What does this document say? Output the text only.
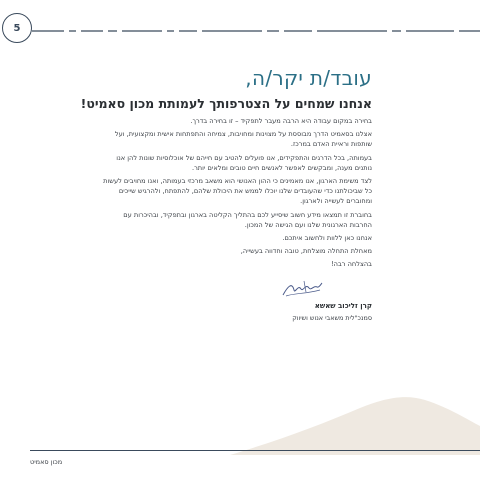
5
עובד/ת יקר/ה,
אנחנו שמחים על הצטרפותך לעמותת מכון סאמיט!

בחירה במקום עבודה היא הרבה מעבר לתפקיד – זו בחירה בדרך.

אצלנו בסאמיט הדרך מבוססת על מצוינות ומחויבות, צמיחה והתפתחות אישית ומקצועית, ועל שותפות וראיית האדם במרכז.

בעמותה, בכל הדרגים והתפקידים, אנו פועלים להטיב עם חייהם של אוכלוסיות שונות להן אנו נותנים מענה, ומבקשים לאפשר לאנשים חיים טובים ומלאים יותר.

לצד משימת הארגון, אנו מאמינים כי ההון האנושי הוא משאב מרכזי בעמותה, ואנו מחויבים לעשות כל שביכולתנו כדי שהעובדים שלנו יוכלו לממש את היכולת שלהם, להתפתח, ולהרגיש שייכים ומחוברים לעשייה ולארגון.

בחוברת זו תמצאו מידע חשוב שיסייע לכם בהתליך הקליטה בארגון ובתפקיד, ובהיכרות עם החרבות הארגונית שלנו ועם הגישה של המכון.

אנחנו כאן ללוות ולחשוב איתכם.

מאחלת התחלה מוצלחת, טובה וחדווה בעשייה,

בהצלחה רבה!

קרן זליכוב שאשא
סמנכ"לית משאבי אנוש ושיווק
מכון סאמיט
